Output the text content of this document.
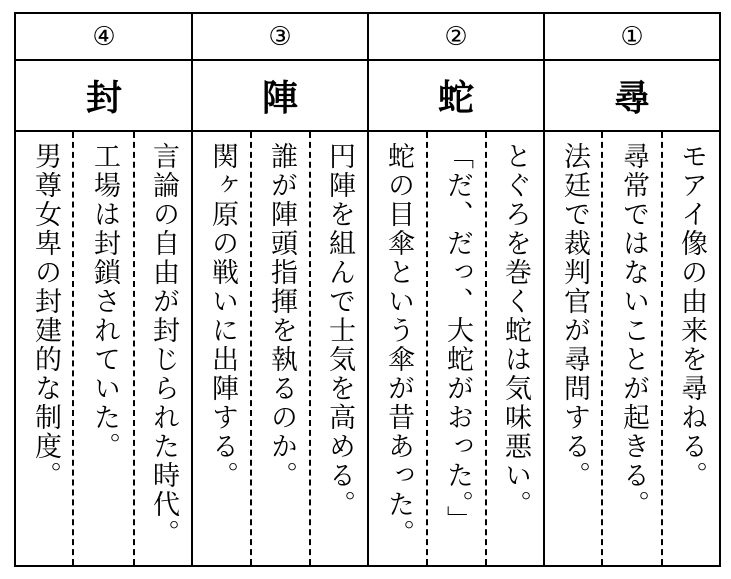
④
封
男尊女卑の封建的な制度。	工場は封鎖されていた。	言論の自由が封じられた時代。
③
陣
関ヶ原の戦いに出陣する。	誰が陣頭指揮を執るのか。	円陣を組んで士気を高める。
②
蛇
蛇の目傘という傘が昔あった。	「だ、だっ、大蛇がおった。」	とぐろを巻く蛇は気味悪い。
①
尋
法廷で裁判官が尋問する。	尋常ではないことが起きる。	モアイ像の由来を尋ねる。
